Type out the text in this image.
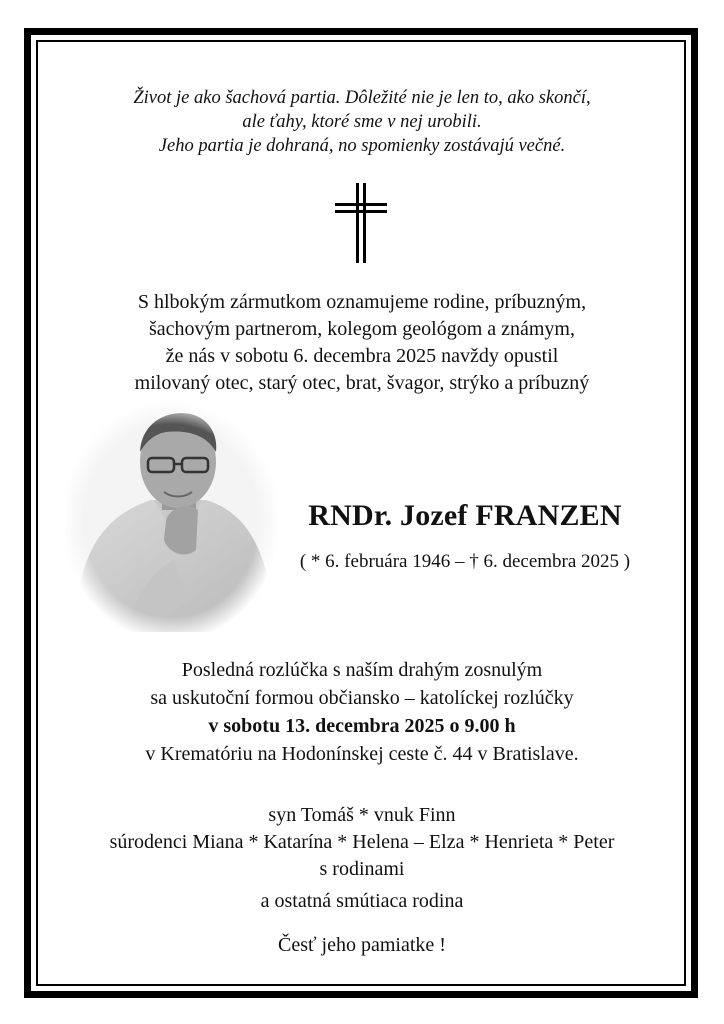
Život je ako šachová partia. Dôležité nie je len to, ako skončí,
ale ťahy, ktoré sme v nej urobili.
Jeho partia je dohraná, no spomienky zostávajú večné.
S hlbokým zármutkom oznamujeme rodine, príbuzným,
šachovým partnerom, kolegom geológom a známym,
že nás v sobotu 6. decembra 2025 navždy opustil
milovaný otec, starý otec, brat, švagor, strýko a príbuzný
RNDr. Jozef FRANZEN
( * 6. februára 1946 – † 6. decembra 2025 )
Posledná rozlúčka s naším drahým zosnulým
sa uskutoční formou občiansko – katolíckej rozlúčky
v sobotu 13. decembra 2025 o 9.00 h
v Krematóriu na Hodonínskej ceste č. 44 v Bratislave.
syn Tomáš * vnuk Finn
súrodenci Miana * Katarína * Helena – Elza * Henrieta * Peter
s rodinami
a ostatná smútiaca rodina
Česť jeho pamiatke !
